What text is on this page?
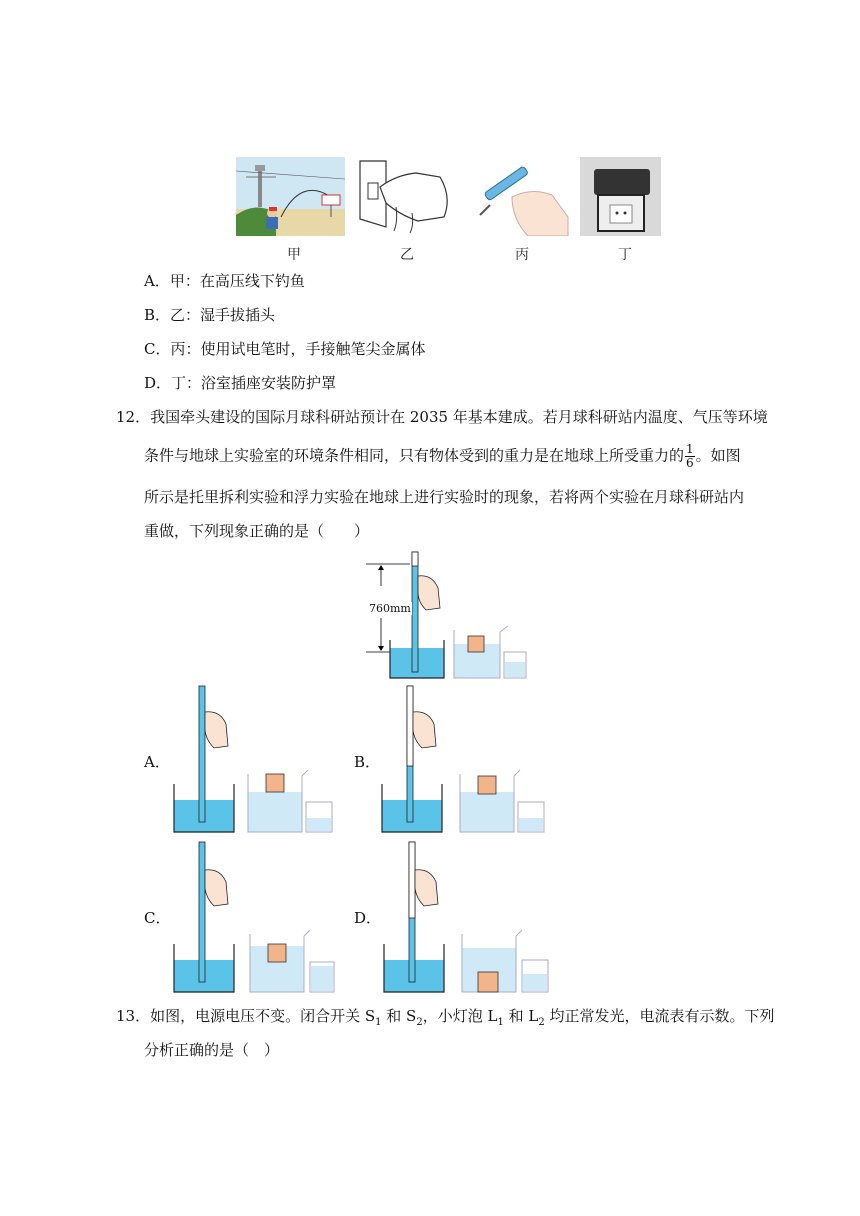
甲	乙	丙	丁
A．甲：在高压线下钓鱼
B．乙：湿手拔插头
C．丙：使用试电笔时，手接触笔尖金属体
D．丁：浴室插座安装防护罩
12．我国牵头建设的国际月球科研站预计在 2035 年基本建成。若月球科研站内温度、气压等环境
条件与地球上实验室的环境条件相同，只有物体受到的重力是在地球上所受重力的 $\frac{1}{6}$ 。如图
所示是托里拆利实验和浮力实验在地球上进行实验时的现象，若将两个实验在月球科研站内
重做，下列现象正确的是（　　）
760mm
A．	B．
C．	D．
13．如图，电源电压不变。闭合开关 $S_1$ 和 $S_2$，小灯泡 $L_1$ 和 $L_2$ 均正常发光，电流表有示数。下列
分析正确的是（　）
